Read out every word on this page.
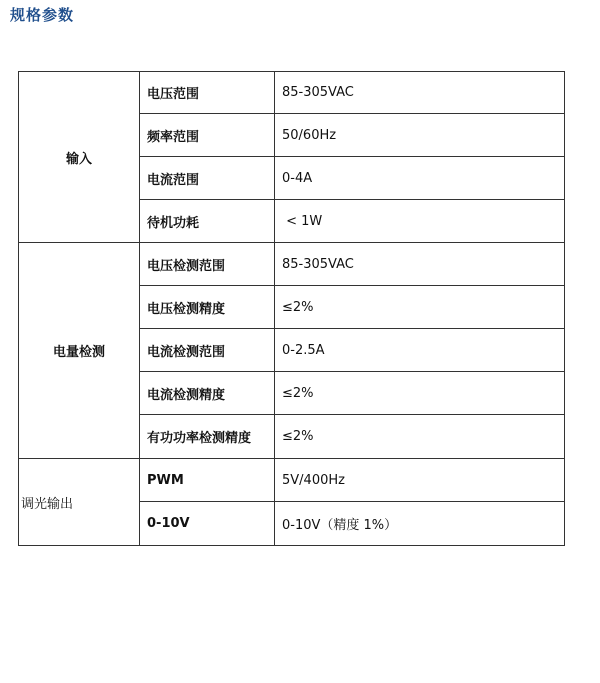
规格参数
输入	电压范围	85-305VAC
	频率范围	50/60Hz
	电流范围	0-4A
	待机功耗	< 1W
电量检测	电压检测范围	85-305VAC
	电压检测精度	≤2%
	电流检测范围	0-2.5A
	电流检测精度	≤2%
	有功功率检测精度	≤2%
调光输出	PWM	5V/400Hz
	0-10V	0-10V（精度 1%）
